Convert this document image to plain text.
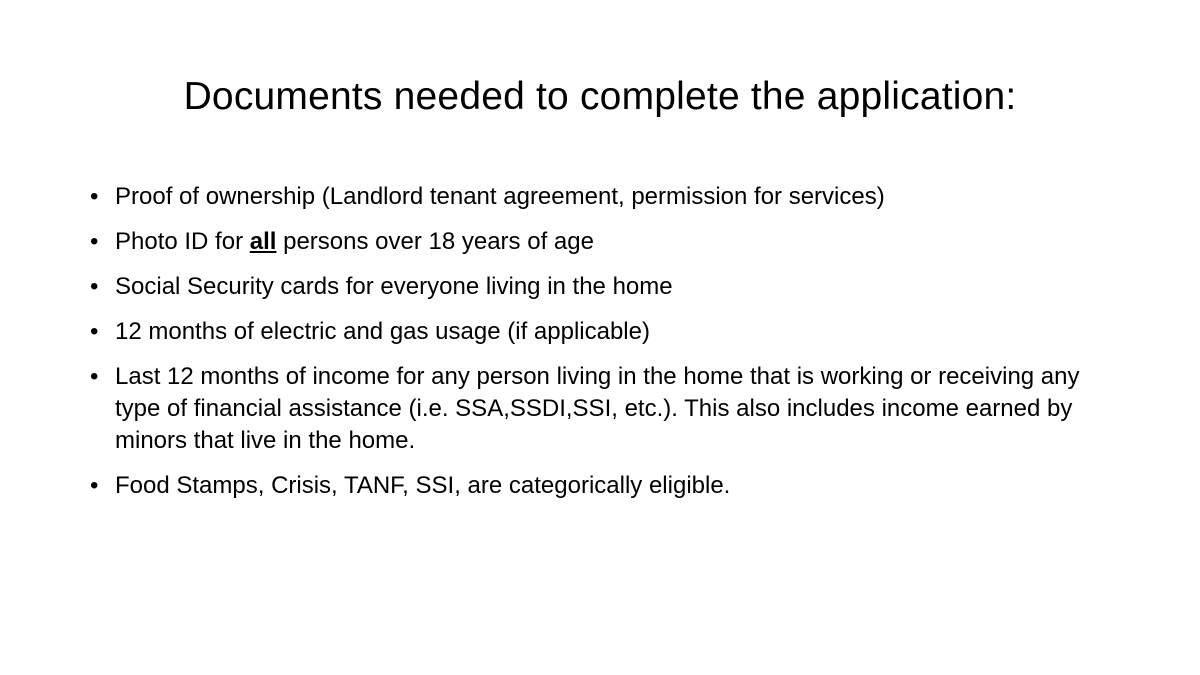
Documents needed to complete the application:
• Proof of ownership (Landlord tenant agreement, permission for services)
• Photo ID for all persons over 18 years of age
• Social Security cards for everyone living in the home
• 12 months of electric and gas usage (if applicable)
• Last 12 months of income for any person living in the home that is working or receiving any type of financial assistance (i.e. SSA,SSDI,SSI, etc.). This also includes income earned by minors that live in the home.
• Food Stamps, Crisis, TANF, SSI, are categorically eligible.
